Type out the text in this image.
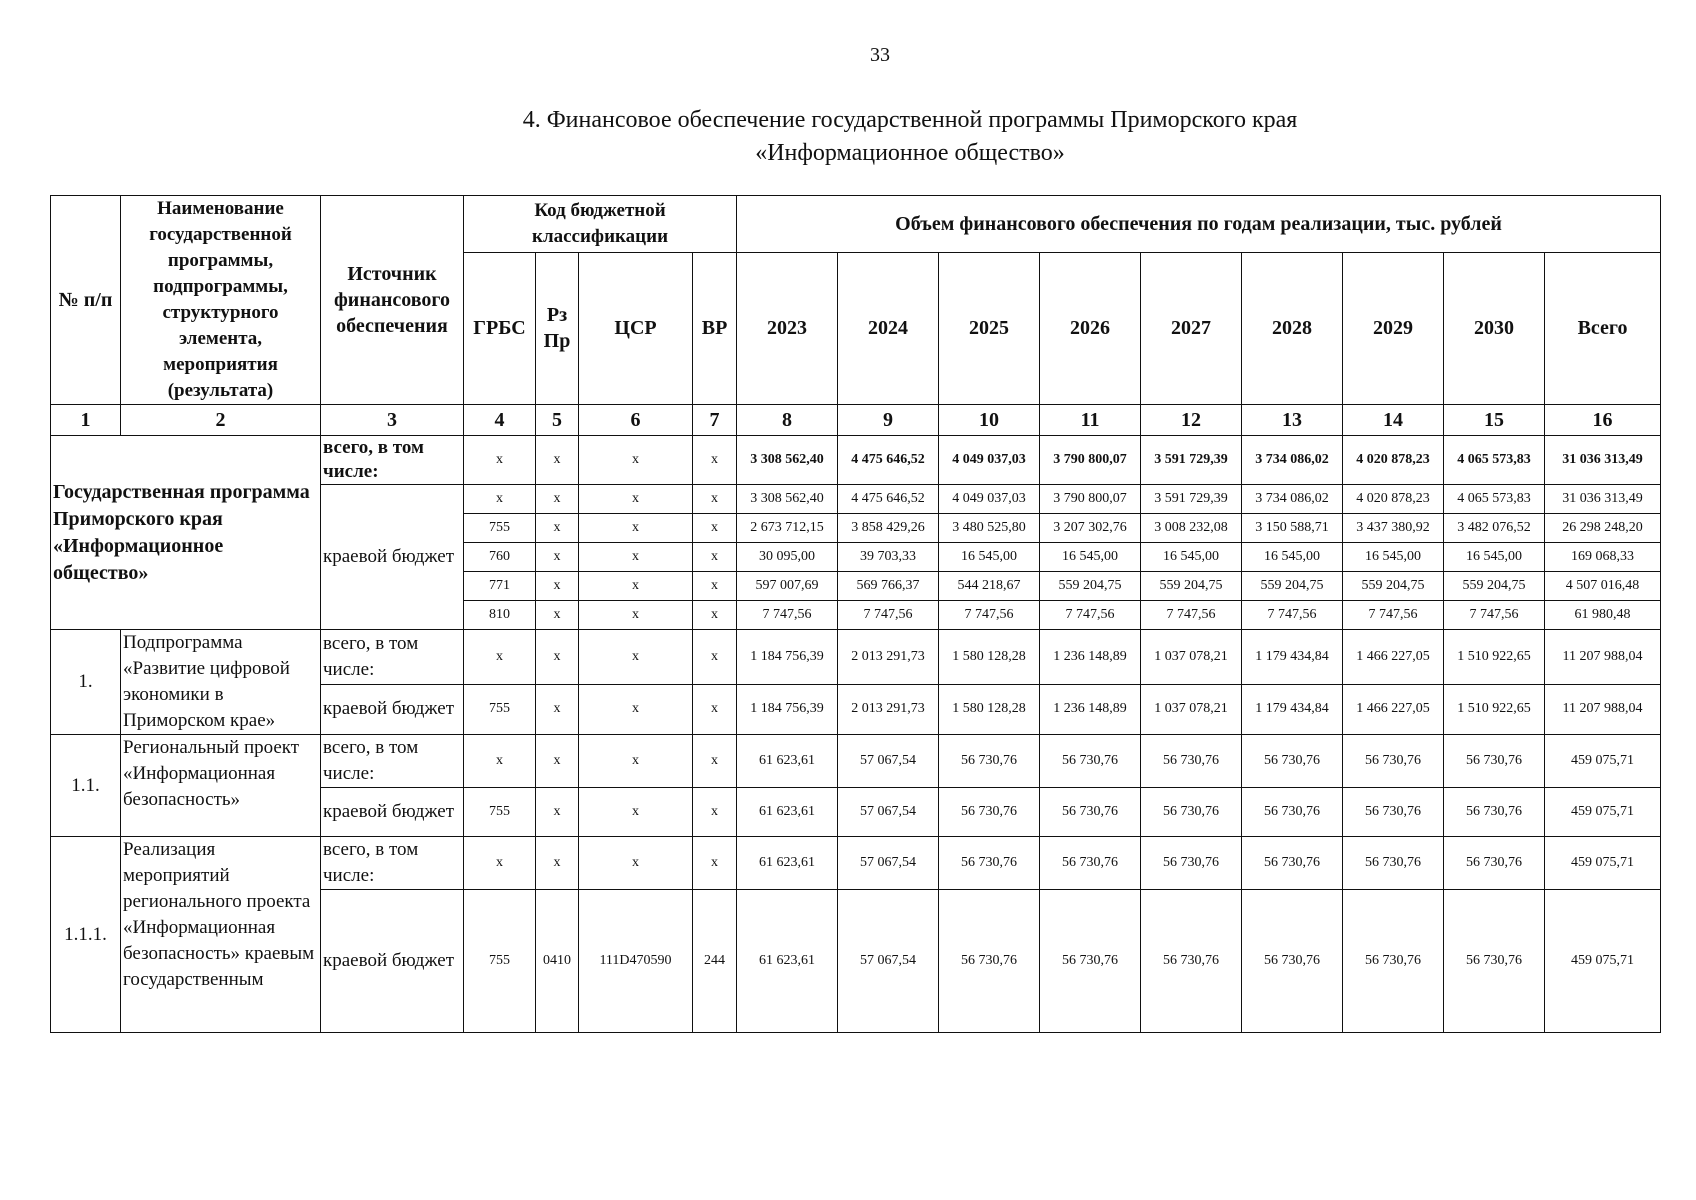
33
4. Финансовое обеспечение государственной программы Приморского края
«Информационное общество»
№ п/п	Наименование государственной программы, подпрограммы, структурного элемента, мероприятия (результата)	Источник финансового обеспечения	Код бюджетной классификации				Объем финансового обеспечения по годам реализации, тыс. рублей								
			ГРБС	Рз Пр	ЦСР	ВР	2023	2024	2025	2026	2027	2028	2029	2030	Всего
1	2	3	4	5	6	7	8	9	10	11	12	13	14	15	16
Государственная программа Приморского края «Информационное общество»		всего, в том числе:	x	x	x	x	3 308 562,40	4 475 646,52	4 049 037,03	3 790 800,07	3 591 729,39	3 734 086,02	4 020 878,23	4 065 573,83	31 036 313,49
		краевой бюджет	x	x	x	x	3 308 562,40	4 475 646,52	4 049 037,03	3 790 800,07	3 591 729,39	3 734 086,02	4 020 878,23	4 065 573,83	31 036 313,49
			755	x	x	x	2 673 712,15	3 858 429,26	3 480 525,80	3 207 302,76	3 008 232,08	3 150 588,71	3 437 380,92	3 482 076,52	26 298 248,20
			760	x	x	x	30 095,00	39 703,33	16 545,00	16 545,00	16 545,00	16 545,00	16 545,00	16 545,00	169 068,33
			771	x	x	x	597 007,69	569 766,37	544 218,67	559 204,75	559 204,75	559 204,75	559 204,75	559 204,75	4 507 016,48
			810	x	x	x	7 747,56	7 747,56	7 747,56	7 747,56	7 747,56	7 747,56	7 747,56	7 747,56	61 980,48
1.	Подпрограмма «Развитие цифровой экономики в Приморском крае»	всего, в том числе:	x	x	x	x	1 184 756,39	2 013 291,73	1 580 128,28	1 236 148,89	1 037 078,21	1 179 434,84	1 466 227,05	1 510 922,65	11 207 988,04
		краевой бюджет	755	x	x	x	1 184 756,39	2 013 291,73	1 580 128,28	1 236 148,89	1 037 078,21	1 179 434,84	1 466 227,05	1 510 922,65	11 207 988,04
1.1.	Региональный проект «Информационная безопасность»	всего, в том числе:	x	x	x	x	61 623,61	57 067,54	56 730,76	56 730,76	56 730,76	56 730,76	56 730,76	56 730,76	459 075,71
		краевой бюджет	755	x	x	x	61 623,61	57 067,54	56 730,76	56 730,76	56 730,76	56 730,76	56 730,76	56 730,76	459 075,71
1.1.1.	Реализация мероприятий регионального проекта «Информационная безопасность» краевым государственным	всего, в том числе:	x	x	x	x	61 623,61	57 067,54	56 730,76	56 730,76	56 730,76	56 730,76	56 730,76	56 730,76	459 075,71
		краевой бюджет	755	0410	111D470590	244	61 623,61	57 067,54	56 730,76	56 730,76	56 730,76	56 730,76	56 730,76	56 730,76	459 075,71
